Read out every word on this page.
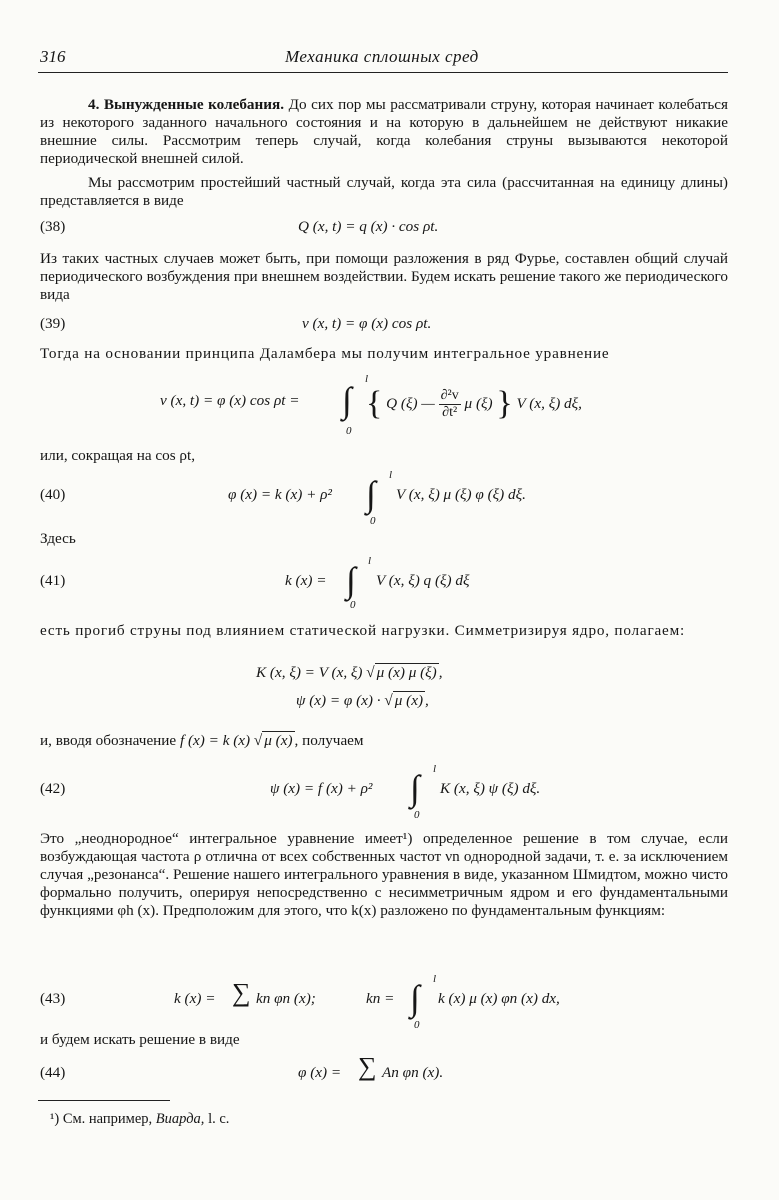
316	Механика сплошных сред

4. Вынужденные колебания. До сих пор мы рассматривали струну, которая начинает колебаться из некоторого заданного начального состояния и на которую в дальнейшем не действуют никакие внешние силы. Рассмотрим теперь случай, когда колебания струны вызываются некоторой периодической внешней силой.

Мы рассмотрим простейший частный случай, когда эта сила (рассчитанная на единицу длины) представляется в виде

(38)	Q (x, t) = q (x) · cos ρt.

Из таких частных случаев может быть, при помощи разложения в ряд Фурье, составлен общий случай периодического возбуждения при внешнем воздействии. Будем искать решение такого же периодического вида

(39)	v (x, t) = φ (x) cos ρt.

Тогда на основании принципа Даламбера мы получим интегральное уравнение

v (x, t) = φ (x) cos ρt = ∫
l
0
{ Q (ξ) — $\frac{\text{∂²v}}{\text{∂t²}}$ μ (ξ) } V (x, ξ) dξ,

или, сокращая на cos ρt,

(40)	φ (x) = k (x) + ρ² ∫ l
0
V (x, ξ) μ (ξ) φ (ξ) dξ.

Здесь

(41)	k (x) = ∫ l
0
V (x, ξ) q (ξ) dξ

есть прогиб струны под влиянием статической нагрузки. Симметризируя ядро, полагаем:

K (x, ξ) = V (x, ξ) √ μ (x) μ (ξ) ,
ψ (x) = φ (x) · √ μ (x) ,

и, вводя обозначение f (x) = k (x) √ μ (x) , получаем

(42)	ψ (x) = f (x) + ρ² ∫ l
0
K (x, ξ) ψ (ξ) dξ.

Это „неоднородное“ интегральное уравнение имеет¹) определенное решение в том случае, если возбуждающая частота ρ отлична от всех собственных частот νn однородной задачи, т. е. за исключением случая „резонанса“. Решение нашего интегрального уравнения в виде, указанном Шмидтом, можно чисто формально получить, оперируя непосредственно с несимметричным ядром и его фундаментальными функциями φh (x). Предположим для этого, что k(x) разложено по фундаментальным функциям:

(43)	k (x) = ∑ kn φn (x);	kn = ∫ l
0
k (x) μ (x) φn (x) dx,

и будем искать решение в виде

(44)	φ (x) = ∑ An φn (x).
¹) См. например, Виарда, l. c.
